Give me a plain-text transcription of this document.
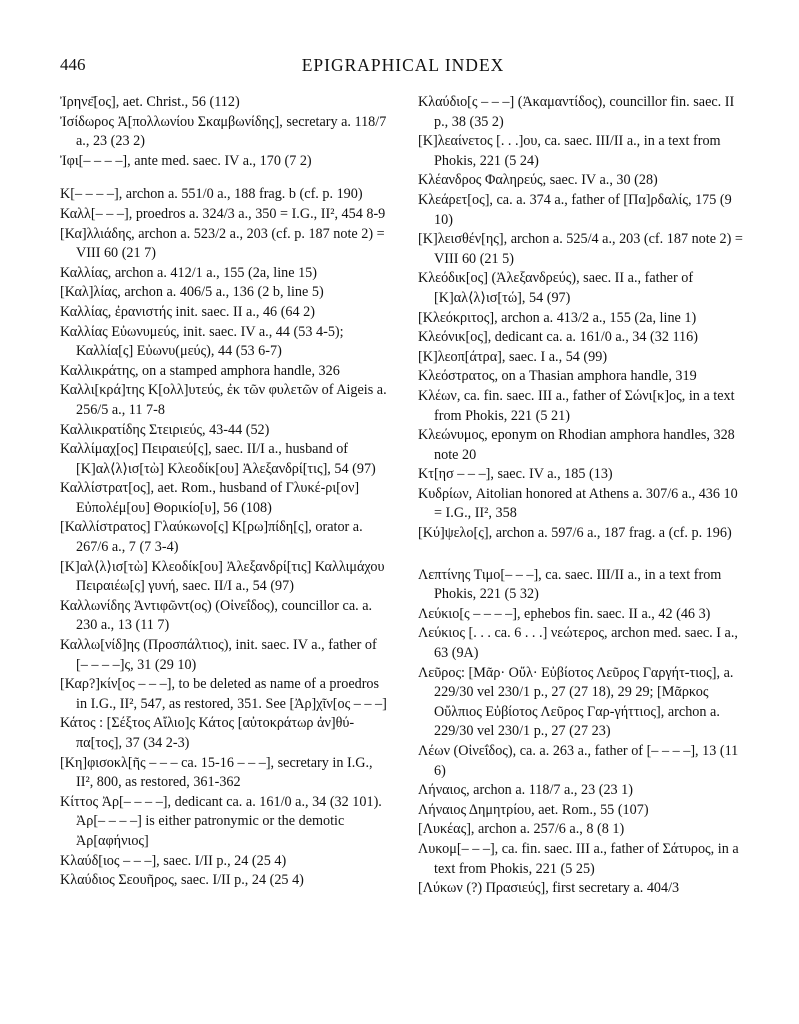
446	EPIGRAPHICAL INDEX

Ἰρηνε̄[ος], aet. Christ., 56 (112)

Ἰσίδωρος Ἀ[πολλωνίου Σκαμβωνίδης], secretary a. 118/7 a., 23 (23 2)

Ἰφι[– – – –], ante med. saec. IV a., 170 (7 2)

Κ[– – – –], archon a. 551/0 a., 188 frag. b (cf. p. 190)

Καλλ[– – –], proedros a. 324/3 a., 350 = I.G., II², 454 8-9

[Κα]λλιάδης, archon a. 523/2 a., 203 (cf. p. 187 note 2) = VIII 60 (21 7)

Καλλίας, archon a. 412/1 a., 155 (2a, line 15)

[Καλ]λίας, archon a. 406/5 a., 136 (2 b, line 5)

Καλλίας, ἐρανιστής init. saec. II a., 46 (64 2)

Καλλίας Εὐωνυμεύς, init. saec. IV a., 44 (53 4-5); Καλλία[ς] Εὐωνυ(μεύς), 44 (53 6-7)

Καλλικράτης, on a stamped amphora handle, 326

Καλλι[κρά]της Κ[ολλ]υτεύς, ἐκ τῶν φυλετῶν of Aigeis a. 256/5 a., 11 7-8

Καλλικρατίδης Στειριεύς, 43-44 (52)

Καλλίμαχ[ος] Πειραιεύ[ς], saec. II/I a., husband of [Κ]αλ⟨λ⟩ισ[τὼ] Κλεοδίκ[ου] Ἀλεξανδρί[τις], 54 (97)

Καλλίστρατ[ος], aet. Rom., husband of Γλυκέ-ρι[ον] Εὐπολέμ[ου] Θορικίο[υ], 56 (108)

[Καλλίστρατος] Γλαύκωνο[ς] Κ[ρω]πίδη[ς], orator a. 267/6 a., 7 (7 3-4)

[Κ]αλ⟨λ⟩ισ[τὼ] Κλεοδίκ[ου] Ἀλεξανδρί[τις] Καλλιμάχου Πειραιέω[ς] γυνή, saec. II/I a., 54 (97)

Καλλωνίδης Ἀντιφῶντ(ος) (Οἰνεΐδος), councillor ca. a. 230 a., 13 (11 7)

Καλλω[νίδ]ης (Προσπάλτιος), init. saec. IV a., father of [– – – –]ς, 31 (29 10)

[Καρ?]κίν[ος – – –], to be deleted as name of a proedros in I.G., II², 547, as restored, 351. See [Ἀρ]χῖν[ος – – –]

Κάτος : [Σέξτος Αἴλιο]ς Κάτος [αὐτοκράτωρ ἀν]θύ-πα[τος], 37 (34 2-3)

[Κη]φισοκλ[ῆς – – – ca. 15-16 – – –], secretary in I.G., II², 800, as restored, 361-362

Κίττος Ἀρ[– – – –], dedicant ca. a. 161/0 a., 34 (32 101). Ἀρ[– – – –] is either patronymic or the demotic Ἀρ[αφήνιος]

Κλαύδ[ιος – – –], saec. I/II p., 24 (25 4)

Κλαύδιος Σεουῆρος, saec. I/II p., 24 (25 4)

Κλαύδιο[ς – – –] (Ἀκαμαντίδος), councillor fin. saec. II p., 38 (35 2)

[Κ]λεαίνετος [. . .]ου, ca. saec. III/II a., in a text from Phokis, 221 (5 24)

Κλέανδρος Φαληρεύς, saec. IV a., 30 (28)

Κλεάρετ[ος], ca. a. 374 a., father of [Πα]ρδαλίς, 175 (9 10)

[Κ]λεισθέν[ης], archon a. 525/4 a., 203 (cf. 187 note 2) = VIII 60 (21 5)

Κλεόδικ[ος] (Ἀλεξανδρεύς), saec. II a., father of [Κ]αλ⟨λ⟩ισ[τώ], 54 (97)

[Κλεόκριτος], archon a. 413/2 a., 155 (2a, line 1)

Κλεόνικ[ος], dedicant ca. a. 161/0 a., 34 (32 116)

[Κ]λεοπ[άτρα], saec. I a., 54 (99)

Κλεόστρατος, on a Thasian amphora handle, 319

Κλέων, ca. fin. saec. III a., father of Σώνι[κ]ος, in a text from Phokis, 221 (5 21)

Κλεώνυμος, eponym on Rhodian amphora handles, 328 note 20

Κτ[ησ – – –], saec. IV a., 185 (13)

Κυδρίων, Aitolian honored at Athens a. 307/6 a., 436 10 = I.G., II², 358

[Κύ]ψελο[ς], archon a. 597/6 a., 187 frag. a (cf. p. 196)

Λεπτίνης Τιμο[– – –], ca. saec. III/II a., in a text from Phokis, 221 (5 32)

Λεύκιο[ς – – – –], ephebos fin. saec. II a., 42 (46 3)

Λεύκιος [. . . ca. 6 . . .] νεώτερος, archon med. saec. I a., 63 (9A)

Λεῦρος: [Μᾶρ· Οὔλ· Εὐβίοτος Λεῦρος Γαργήτ-τιος], a. 229/30 vel 230/1 p., 27 (27 18), 29 29; [Μᾶρκος Οὔλπιος Εὐβίοτος Λεῦρος Γαρ-γήττιος], archon a. 229/30 vel 230/1 p., 27 (27 23)

Λέων (Οἰνεΐδος), ca. a. 263 a., father of [– – – –], 13 (11 6)

Λήναιος, archon a. 118/7 a., 23 (23 1)

Λήναιος Δημητρίου, aet. Rom., 55 (107)

[Λυκέας], archon a. 257/6 a., 8 (8 1)

Λυκομ[– – –], ca. fin. saec. III a., father of Σάτυρος, in a text from Phokis, 221 (5 25)

[Λύκων (?) Πρασιεύς], first secretary a. 404/3
